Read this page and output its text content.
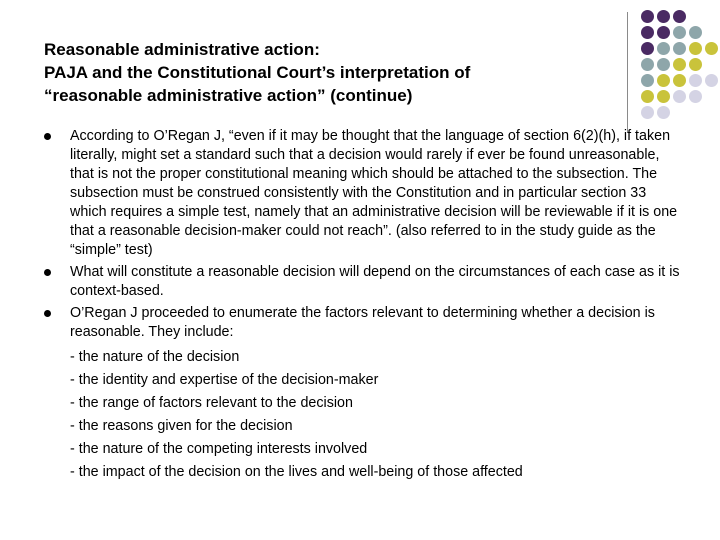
Reasonable administrative action:
PAJA and the Constitutional Court’s interpretation of
“reasonable administrative action” (continue)
According to O’Regan J, “even if it may be thought that the language of section 6(2)(h), if taken literally, might set a standard such that a decision would rarely if ever be found unreasonable, that is not the proper constitutional meaning which should be attached to the subsection. The subsection must be construed consistently with the Constitution and in particular section 33 which requires a simple test, namely that an administrative decision will be reviewable if it is one that a reasonable decision-maker could not reach”. (also referred to in the study guide as the “simple” test)
What will constitute a reasonable decision will depend on the circumstances of each case as it is context-based.
O’Regan J proceeded to enumerate the factors relevant to determining whether a decision is reasonable. They include:
- the nature of the decision
- the identity and expertise of the decision-maker
- the range of factors relevant to the decision
- the reasons given for the decision
- the nature of the competing interests involved
- the impact of the decision on the lives and well-being of those affected
